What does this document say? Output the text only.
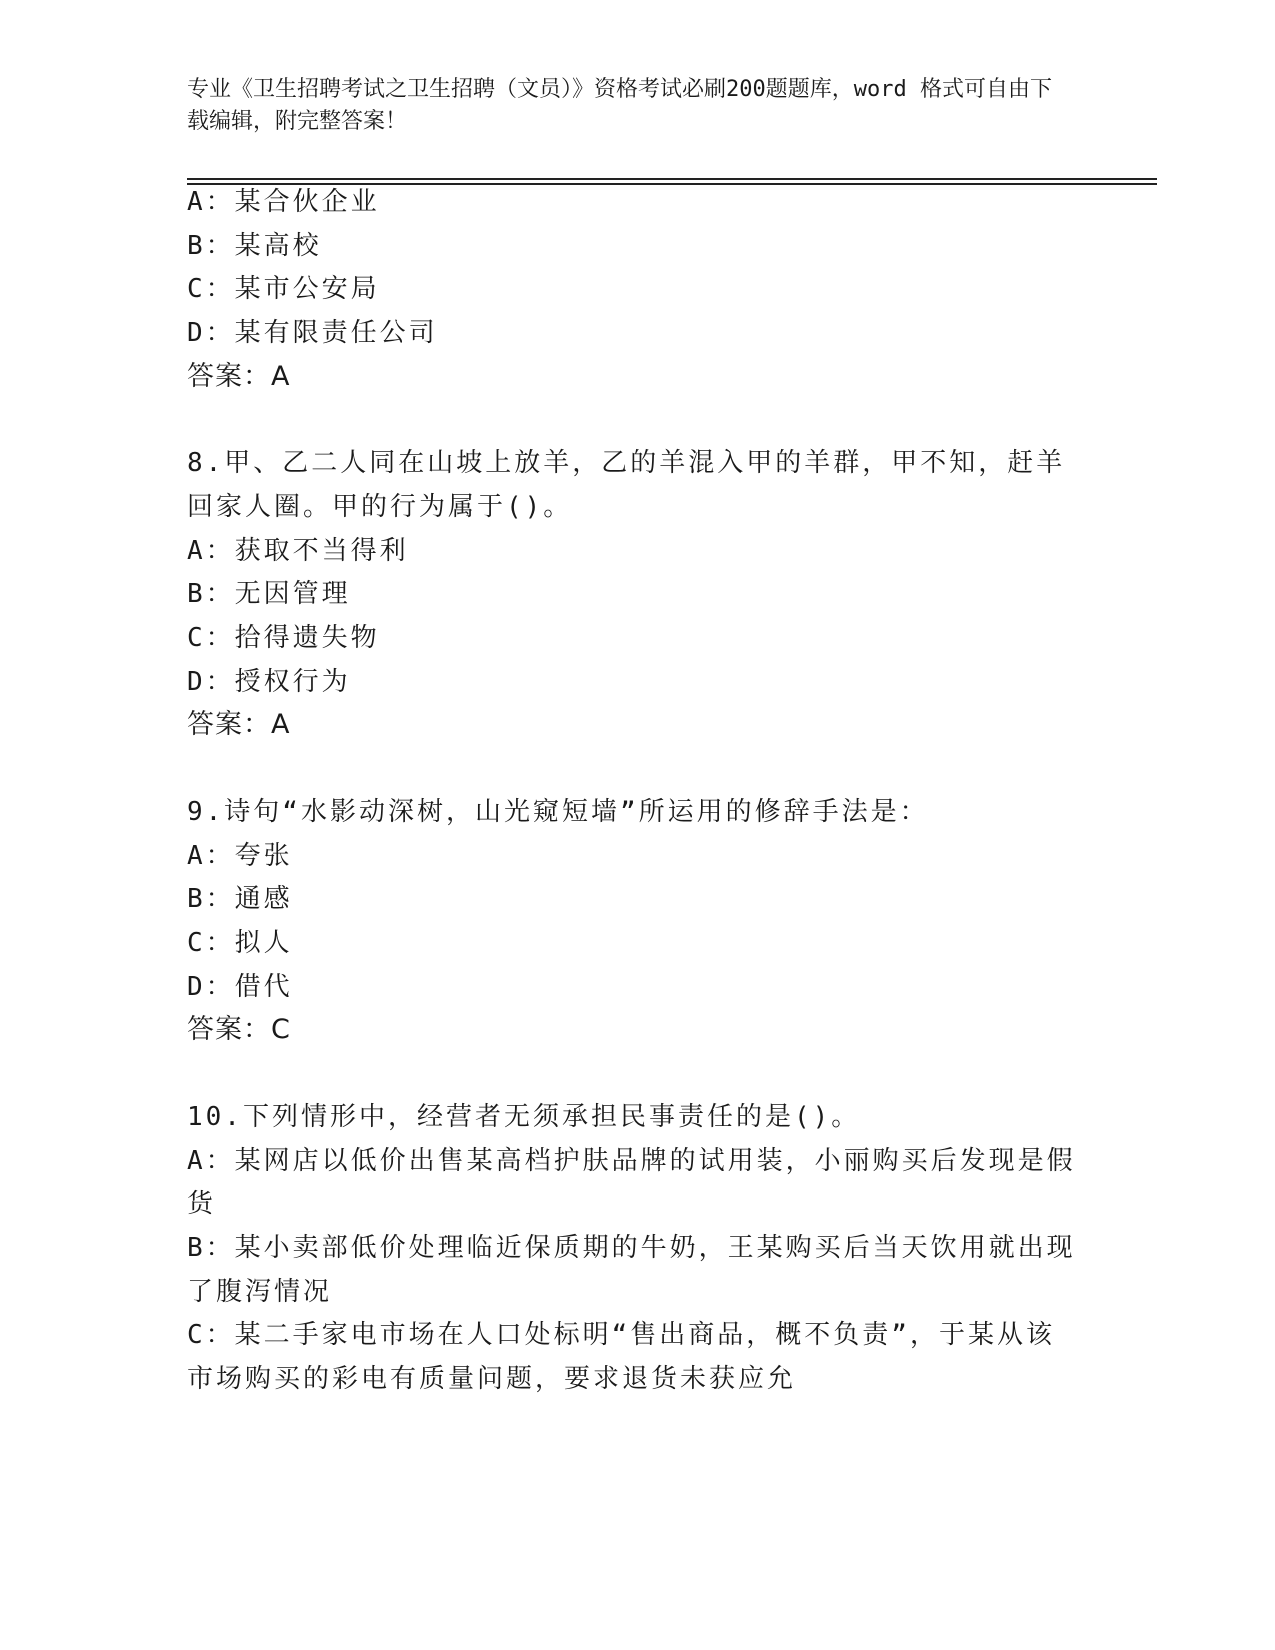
专业《卫生招聘考试之卫生招聘（文员）》资格考试必刷200题题库，word 格式可自由下载编辑，附完整答案！
A：某合伙企业
B：某高校
C：某市公安局
D：某有限责任公司
答案：A
8.甲、乙二人同在山坡上放羊，乙的羊混入甲的羊群，甲不知，赶羊
回家人圈。甲的行为属于()。
A：获取不当得利
B：无因管理
C：拾得遗失物
D：授权行为
答案：A
9.诗句“水影动深树，山光窥短墙”所运用的修辞手法是：
A：夸张
B：通感
C：拟人
D：借代
答案：C
10.下列情形中，经营者无须承担民事责任的是()。
A：某网店以低价出售某高档护肤品牌的试用装，小丽购买后发现是假
货
B：某小卖部低价处理临近保质期的牛奶，王某购买后当天饮用就出现
了腹泻情况
C：某二手家电市场在人口处标明“售出商品，概不负责”，于某从该
市场购买的彩电有质量问题，要求退货未获应允
